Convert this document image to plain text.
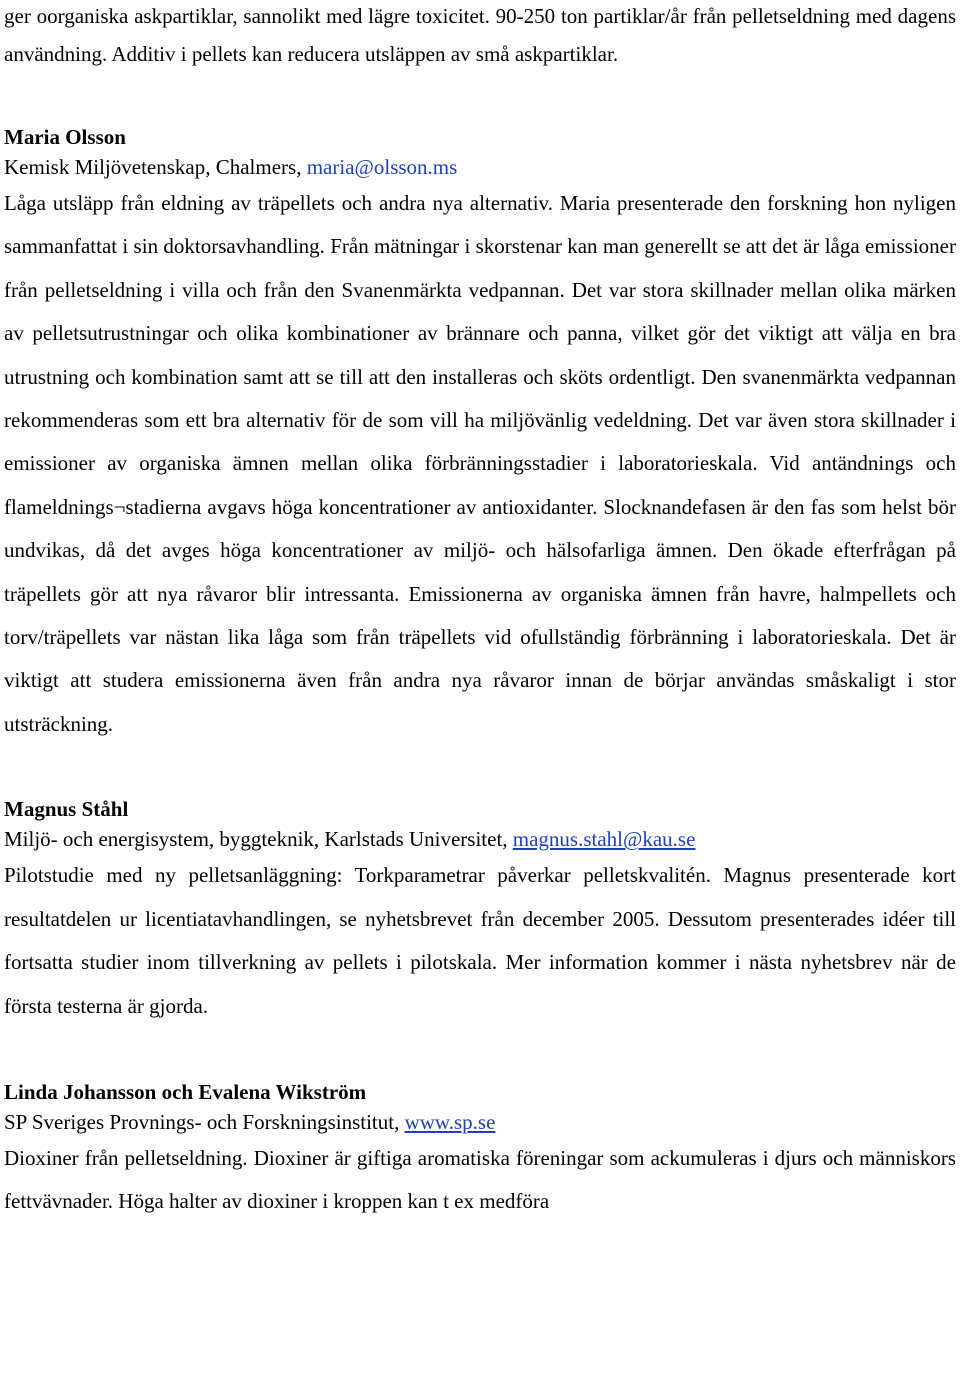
ger oorganiska askpartiklar, sannolikt med lägre toxicitet. 90-250 ton partiklar/år från pelletseldning med dagens användning. Additiv i pellets kan reducera utsläppen av små askpartiklar.

Maria Olsson

Kemisk Miljövetenskap, Chalmers, maria@olsson.ms

Låga utsläpp från eldning av träpellets och andra nya alternativ. Maria presenterade den forskning hon nyligen sammanfattat i sin doktorsavhandling. Från mätningar i skorstenar kan man generellt se att det är låga emissioner från pelletseldning i villa och från den Svanenmärkta vedpannan. Det var stora skillnader mellan olika märken av pelletsutrustningar och olika kombinationer av brännare och panna, vilket gör det viktigt att välja en bra utrustning och kombination samt att se till att den installeras och sköts ordentligt. Den svanenmärkta vedpannan rekommenderas som ett bra alternativ för de som vill ha miljövänlig vedeldning. Det var även stora skillnader i emissioner av organiska ämnen mellan olika förbränningsstadier i laboratorieskala. Vid antändnings och flameldnings¬stadierna avgavs höga koncentrationer av antioxidanter. Slocknandefasen är den fas som helst bör undvikas, då det avges höga koncentrationer av miljö- och hälsofarliga ämnen. Den ökade efterfrågan på träpellets gör att nya råvaror blir intressanta. Emissionerna av organiska ämnen från havre, halmpellets och torv/träpellets var nästan lika låga som från träpellets vid ofullständig förbränning i laboratorieskala. Det är viktigt att studera emissionerna även från andra nya råvaror innan de börjar användas småskaligt i stor utsträckning.

Magnus Ståhl

Miljö- och energisystem, byggteknik, Karlstads Universitet, magnus.stahl@kau.se

Pilotstudie med ny pelletsanläggning: Torkparametrar påverkar pelletskvalitén. Magnus presenterade kort resultatdelen ur licentiatavhandlingen, se nyhetsbrevet från december 2005. Dessutom presenterades idéer till fortsatta studier inom tillverkning av pellets i pilotskala. Mer information kommer i nästa nyhetsbrev när de första testerna är gjorda.

Linda Johansson och Evalena Wikström

SP Sveriges Provnings- och Forskningsinstitut, www.sp.se

Dioxiner från pelletseldning. Dioxiner är giftiga aromatiska föreningar som ackumuleras i djurs och människors fettvävnader. Höga halter av dioxiner i kroppen kan t ex medföra
